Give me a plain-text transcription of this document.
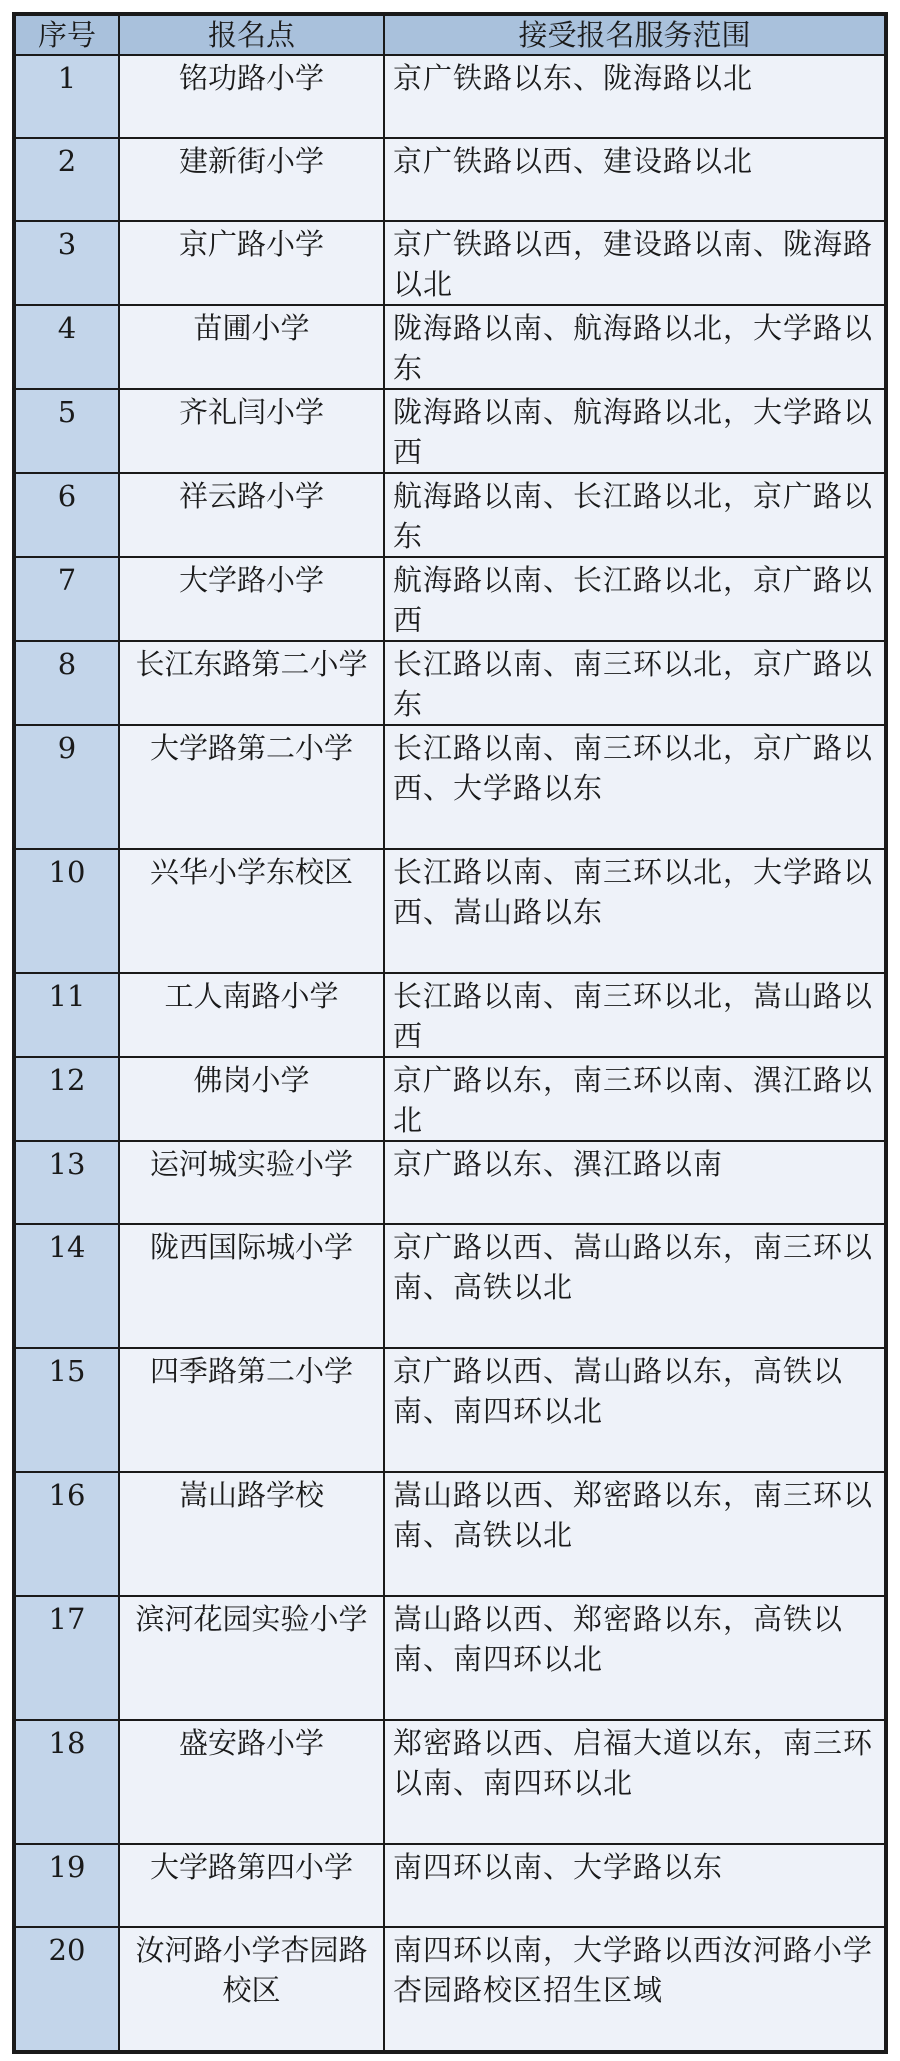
序号	报名点	接受报名服务范围
1	铭功路小学	京广铁路以东、陇海路以北
2	建新街小学	京广铁路以西、建设路以北
3	京广路小学	京广铁路以西，建设路以南、陇海路以北
4	苗圃小学	陇海路以南、航海路以北，大学路以东
5	齐礼闫小学	陇海路以南、航海路以北，大学路以西
6	祥云路小学	航海路以南、长江路以北，京广路以东
7	大学路小学	航海路以南、长江路以北，京广路以西
8	长江东路第二小学	长江路以南、南三环以北，京广路以东
9	大学路第二小学	长江路以南、南三环以北，京广路以西、大学路以东
10	兴华小学东校区	长江路以南、南三环以北，大学路以西、嵩山路以东
11	工人南路小学	长江路以南、南三环以北，嵩山路以西
12	佛岗小学	京广路以东，南三环以南、潩江路以北
13	运河城实验小学	京广路以东、潩江路以南
14	陇西国际城小学	京广路以西、嵩山路以东，南三环以南、高铁以北
15	四季路第二小学	京广路以西、嵩山路以东，高铁以南、南四环以北
16	嵩山路学校	嵩山路以西、郑密路以东，南三环以南、高铁以北
17	滨河花园实验小学	嵩山路以西、郑密路以东，高铁以南、南四环以北
18	盛安路小学	郑密路以西、启福大道以东，南三环以南、南四环以北
19	大学路第四小学	南四环以南、大学路以东
20	汝河路小学杏园路校区	南四环以南，大学路以西汝河路小学杏园路校区招生区域
